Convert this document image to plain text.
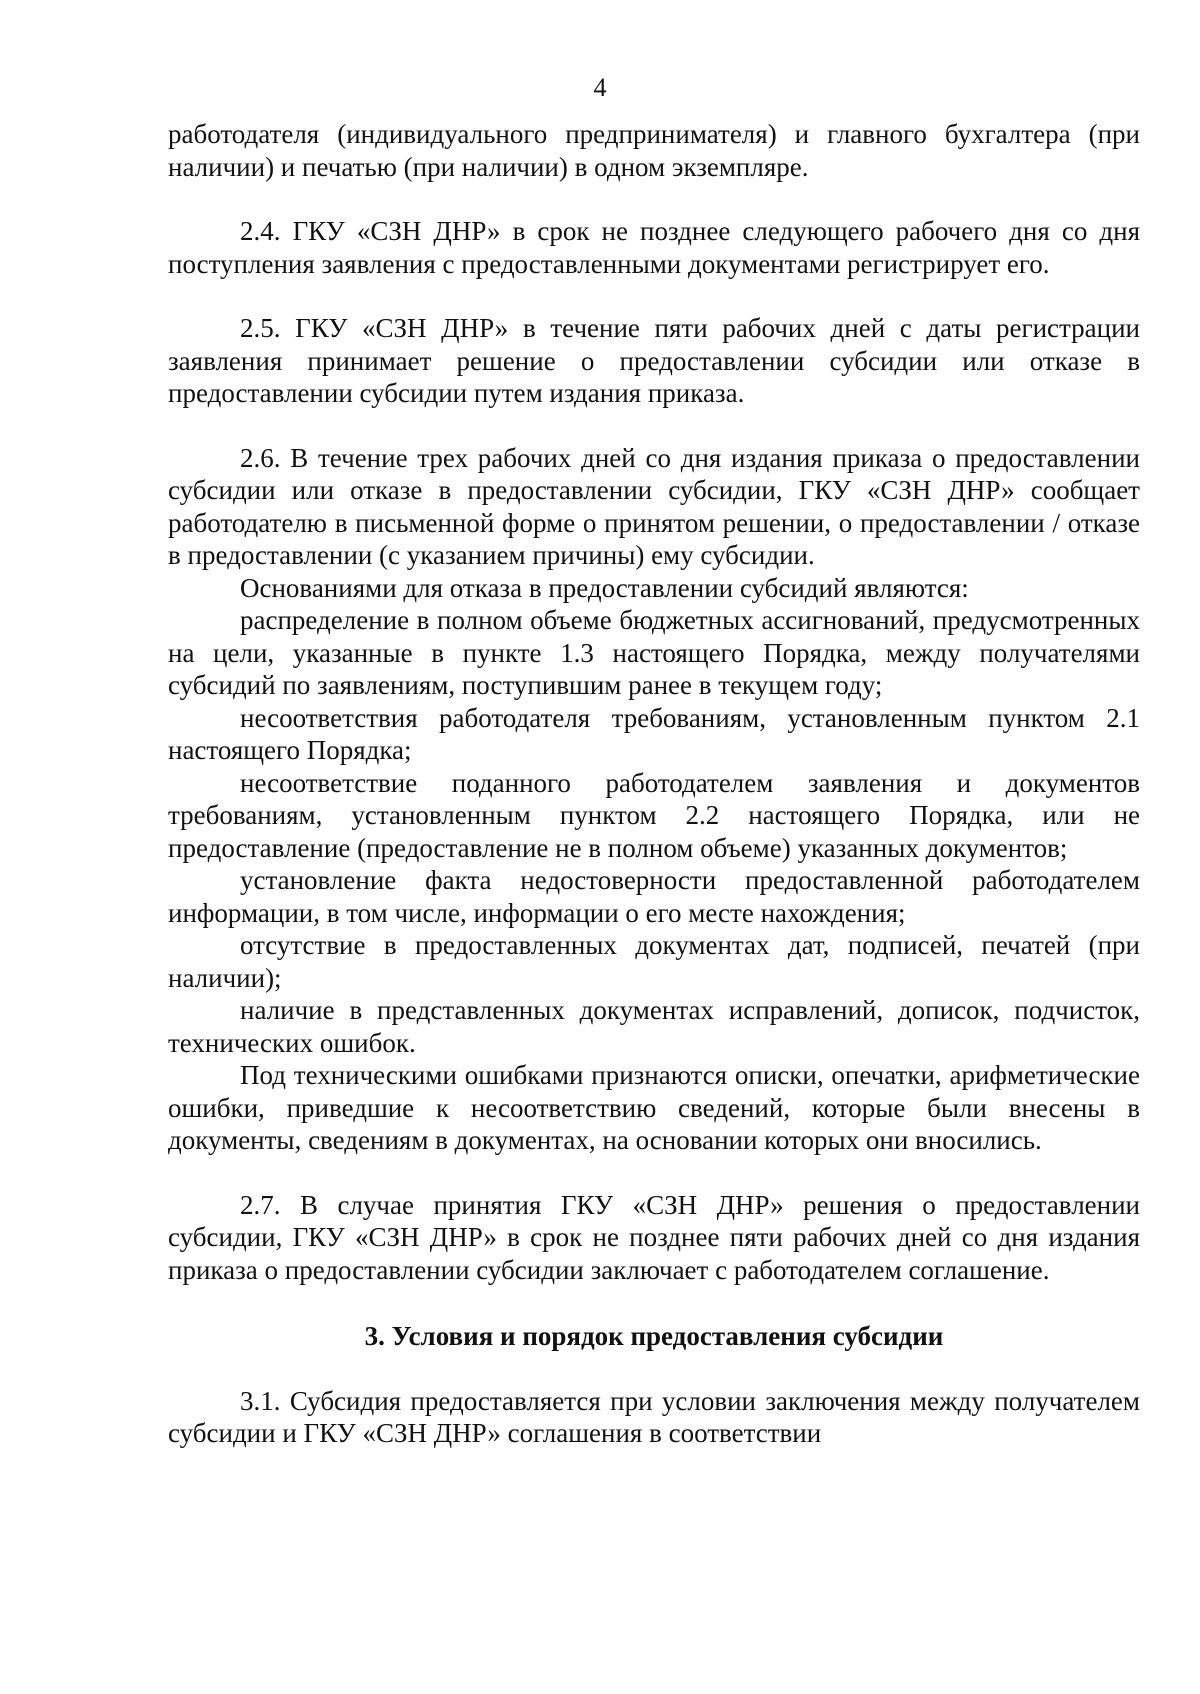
4

работодателя (индивидуального предпринимателя) и главного бухгалтера (при наличии) и печатью (при наличии) в одном экземпляре.

2.4. ГКУ «СЗН ДНР» в срок не позднее следующего рабочего дня со дня поступления заявления с предоставленными документами регистрирует его.

2.5. ГКУ «СЗН ДНР» в течение пяти рабочих дней с даты регистрации заявления принимает решение о предоставлении субсидии или отказе в предоставлении субсидии путем издания приказа.

2.6. В течение трех рабочих дней со дня издания приказа о предоставлении субсидии или отказе в предоставлении субсидии, ГКУ «СЗН ДНР» сообщает работодателю в письменной форме о принятом решении, о предоставлении / отказе в предоставлении (с указанием причины) ему субсидии.

Основаниями для отказа в предоставлении субсидий являются:

распределение в полном объеме бюджетных ассигнований, предусмотренных на цели, указанные в пункте 1.3 настоящего Порядка, между получателями субсидий по заявлениям, поступившим ранее в текущем году;

несоответствия работодателя требованиям, установленным пунктом 2.1 настоящего Порядка;

несоответствие поданного работодателем заявления и документов требованиям, установленным пунктом 2.2 настоящего Порядка, или не предоставление (предоставление не в полном объеме) указанных документов;

установление факта недостоверности предоставленной работодателем информации, в том числе, информации о его месте нахождения;

отсутствие в предоставленных документах дат, подписей, печатей (при наличии);

наличие в представленных документах исправлений, дописок, подчисток, технических ошибок.

Под техническими ошибками признаются описки, опечатки, арифметические ошибки, приведшие к несоответствию сведений, которые были внесены в документы, сведениям в документах, на основании которых они вносились.

2.7. В случае принятия ГКУ «СЗН ДНР» решения о предоставлении субсидии, ГКУ «СЗН ДНР» в срок не позднее пяти рабочих дней со дня издания приказа о предоставлении субсидии заключает с работодателем соглашение.

3. Условия и порядок предоставления субсидии

3.1. Субсидия предоставляется при условии заключения между получателем субсидии и ГКУ «СЗН ДНР» соглашения в соответствии
